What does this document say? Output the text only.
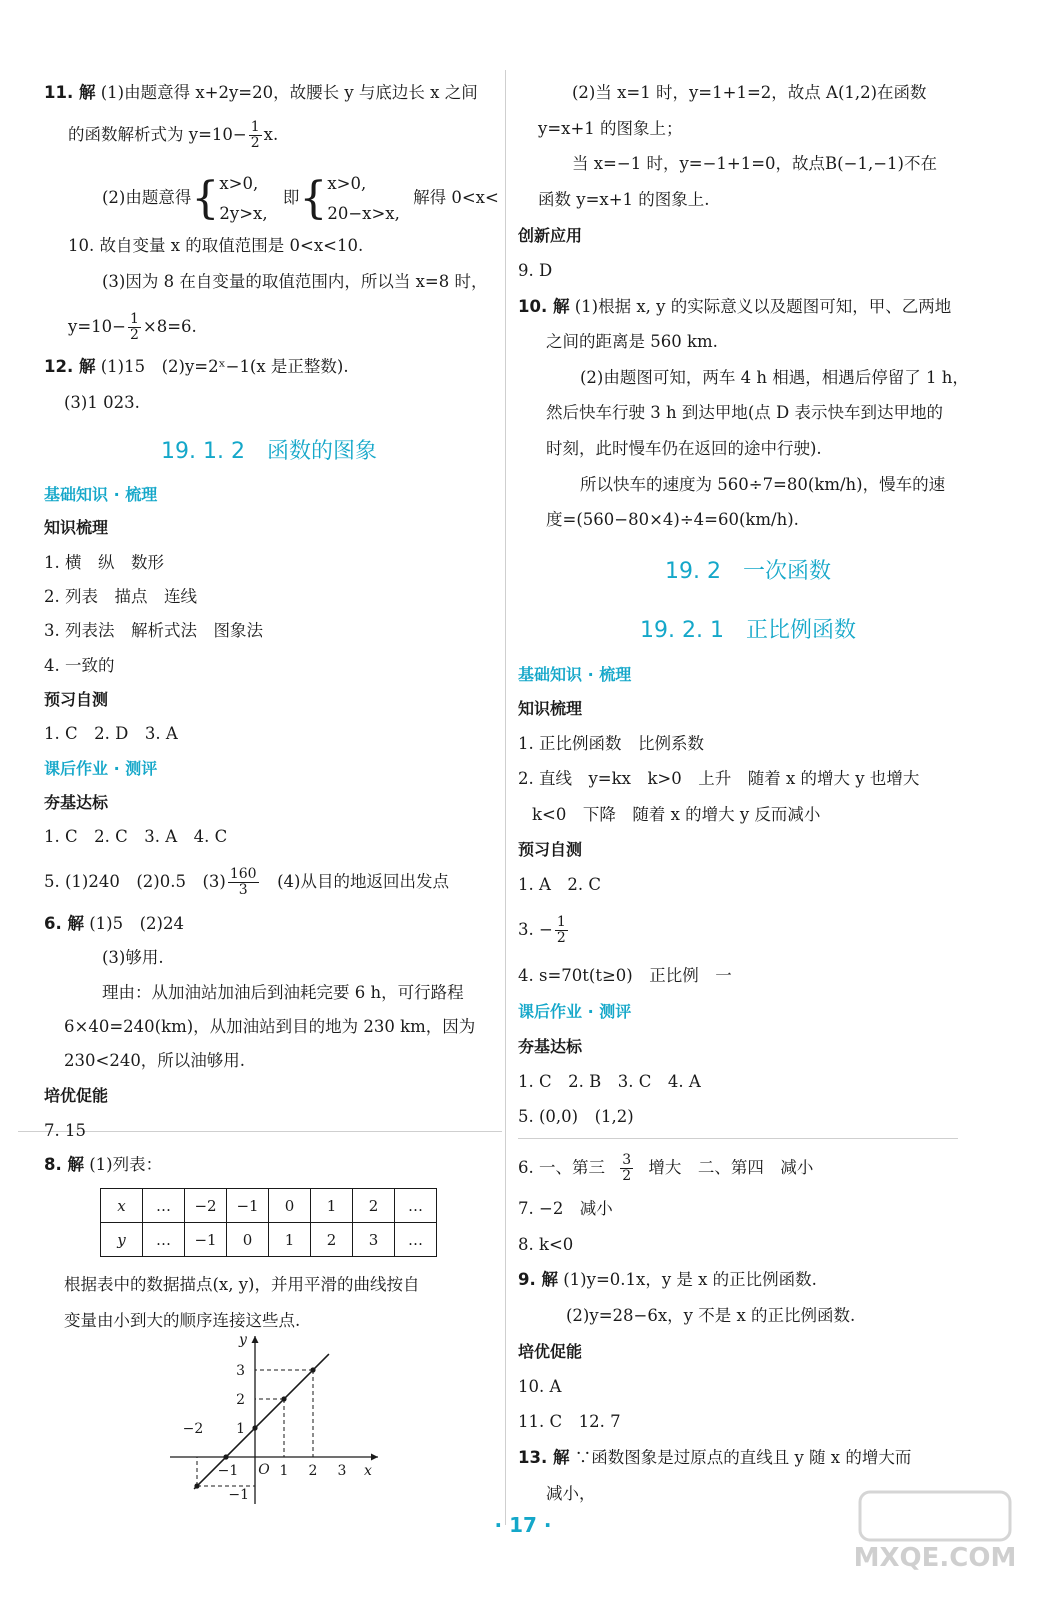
11. 解 (1)由题意得 x+2y=20，故腰长 y 与底边长 x 之间
的函数解析式为 $y=10- \frac{1}{2} x$.
(2)由题意得{ x>0,
2y>x,
即{ x>0,
20−x>x,
解得 0<x<
10. 故自变量 x 的取值范围是 0<x<10.
(3)因为 8 在自变量的取值范围内，所以当 x=8 时，
$y=10- \frac{1}{2} \times 8=6$.
12. 解 (1)15　(2)y=2ˣ−1(x 是正整数).
(3)1 023.
19. 1. 2　函数的图象
基础知识 · 梳理
知识梳理
1. 横　纵　数形
2. 列表　描点　连线
3. 列表法　解析式法　图象法
4. 一致的
预习自测
1. C　2. D　3. A
课后作业 · 测评
夯基达标
1. C　2. C　3. A　4. C
5. (1)240　(2)0.5　$(3) \frac{160}{3}$ 　(4)从目的地返回出发点
6. 解 (1)5　(2)24
(3)够用.
理由：从加油站加油后到油耗完要 6 h，可行路程
6×40=240(km)，从加油站到目的地为 230 km，因为
230<240，所以油够用.
培优促能
7. 15
8. 解 (1)列表：
x	…	−2	−1	0	1	2	…
y	…	−1	0	1	2	3	…
根据表中的数据描点(x, y)，并用平滑的曲线按自
变量由小到大的顺序连接这些点.
x
y
O
−2
−1	1 2 3
3
2
1
−1
(2)当 x=1 时，y=1+1=2，故点 A(1,2)在函数
y=x+1 的图象上；
当 x=−1 时，y=−1+1=0，故点B(−1,−1)不在
函数 y=x+1 的图象上.
创新应用
9. D
10. 解 (1)根据 x, y 的实际意义以及题图可知，甲、乙两地
之间的距离是 560 km.
(2)由题图可知，两车 4 h 相遇，相遇后停留了 1 h，
然后快车行驶 3 h 到达甲地(点 D 表示快车到达甲地的
时刻，此时慢车仍在返回的途中行驶).
所以快车的速度为 560÷7=80(km/h)，慢车的速
度=(560−80×4)÷4=60(km/h).
19. 2　一次函数
19. 2. 1　正比例函数
基础知识 · 梳理
知识梳理
1. 正比例函数　比例系数
2. 直线　y=kx　k>0　上升　随着 x 的增大 y 也增大
k<0　下降　随着 x 的增大 y 反而减小
预习自测
1. A　2. C
3. − $\frac{1}{2}$
4. s=70t(t≥0)　正比例　一
课后作业 · 测评
夯基达标
1. C　2. B　3. C　4. A
5. (0,0)　(1,2)
6. 一、第三 $\frac{3}{2}$ 增大　二、第四　减小
7. −2　减小
8. k<0
9. 解 (1)y=0.1x，y 是 x 的正比例函数.
(2)y=28−6x，y 不是 x 的正比例函数.
培优促能
10. A
11. C　12. 7
13. 解 ∵函数图象是过原点的直线且 y 随 x 的增大而
减小，
· 17 ·
MXQE.COM
